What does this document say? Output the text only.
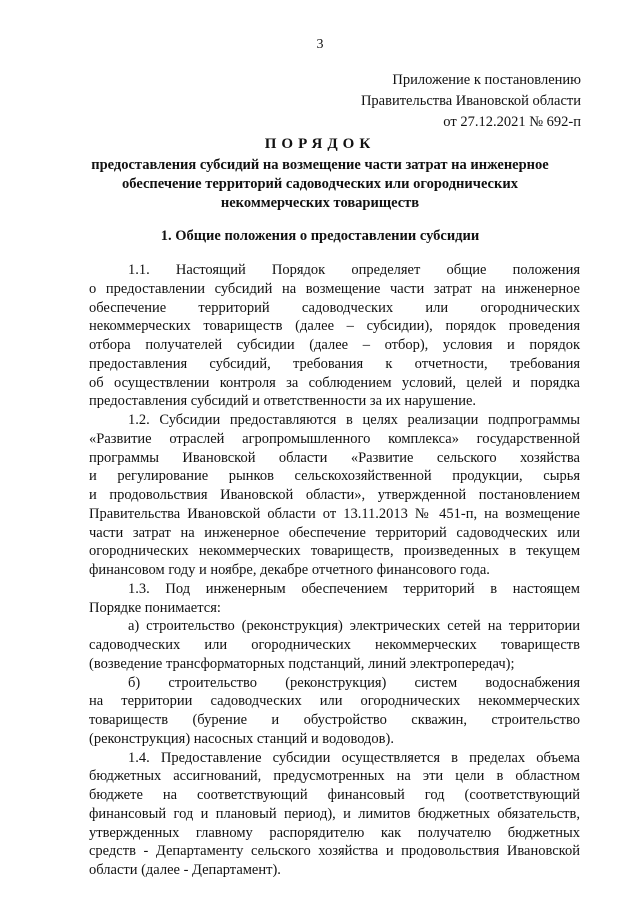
3
Приложение к постановлению
Правительства Ивановской области
от 27.12.2021 № 692-п
ПОРЯДОК
предоставления субсидий на возмещение части затрат на инженерное
обеспечение территорий садоводческих или огороднических
некоммерческих товариществ
1. Общие положения о предоставлении субсидии
1.1. Настоящий Порядок определяет общие положения
о предоставлении субсидий на возмещение части затрат на инженерное
обеспечение территорий садоводческих или огороднических
некоммерческих товариществ (далее – субсидии), порядок проведения
отбора получателей субсидии (далее – отбор), условия и порядок
предоставления субсидий, требования к отчетности, требования
об осуществлении контроля за соблюдением условий, целей и порядка
предоставления субсидий и ответственности за их нарушение.
1.2. Субсидии предоставляются в целях реализации подпрограммы
«Развитие отраслей агропромышленного комплекса» государственной
программы Ивановской области «Развитие сельского хозяйства
и регулирование рынков сельскохозяйственной продукции, сырья
и продовольствия Ивановской области», утвержденной постановлением
Правительства Ивановской области от 13.11.2013 № 451-п, на возмещение
части затрат на инженерное обеспечение территорий садоводческих или
огороднических некоммерческих товариществ, произведенных в текущем
финансовом году и ноябре, декабре отчетного финансового года.
1.3. Под инженерным обеспечением территорий в настоящем
Порядке понимается:
а) строительство (реконструкция) электрических сетей на территории
садоводческих или огороднических некоммерческих товариществ
(возведение трансформаторных подстанций, линий электропередач);
б) строительство (реконструкция) систем водоснабжения
на территории садоводческих или огороднических некоммерческих
товариществ (бурение и обустройство скважин, строительство
(реконструкция) насосных станций и водоводов).
1.4. Предоставление субсидии осуществляется в пределах объема
бюджетных ассигнований, предусмотренных на эти цели в областном
бюджете на соответствующий финансовый год (соответствующий
финансовый год и плановый период), и лимитов бюджетных обязательств,
утвержденных главному распорядителю как получателю бюджетных
средств - Департаменту сельского хозяйства и продовольствия Ивановской
области (далее - Департамент).
